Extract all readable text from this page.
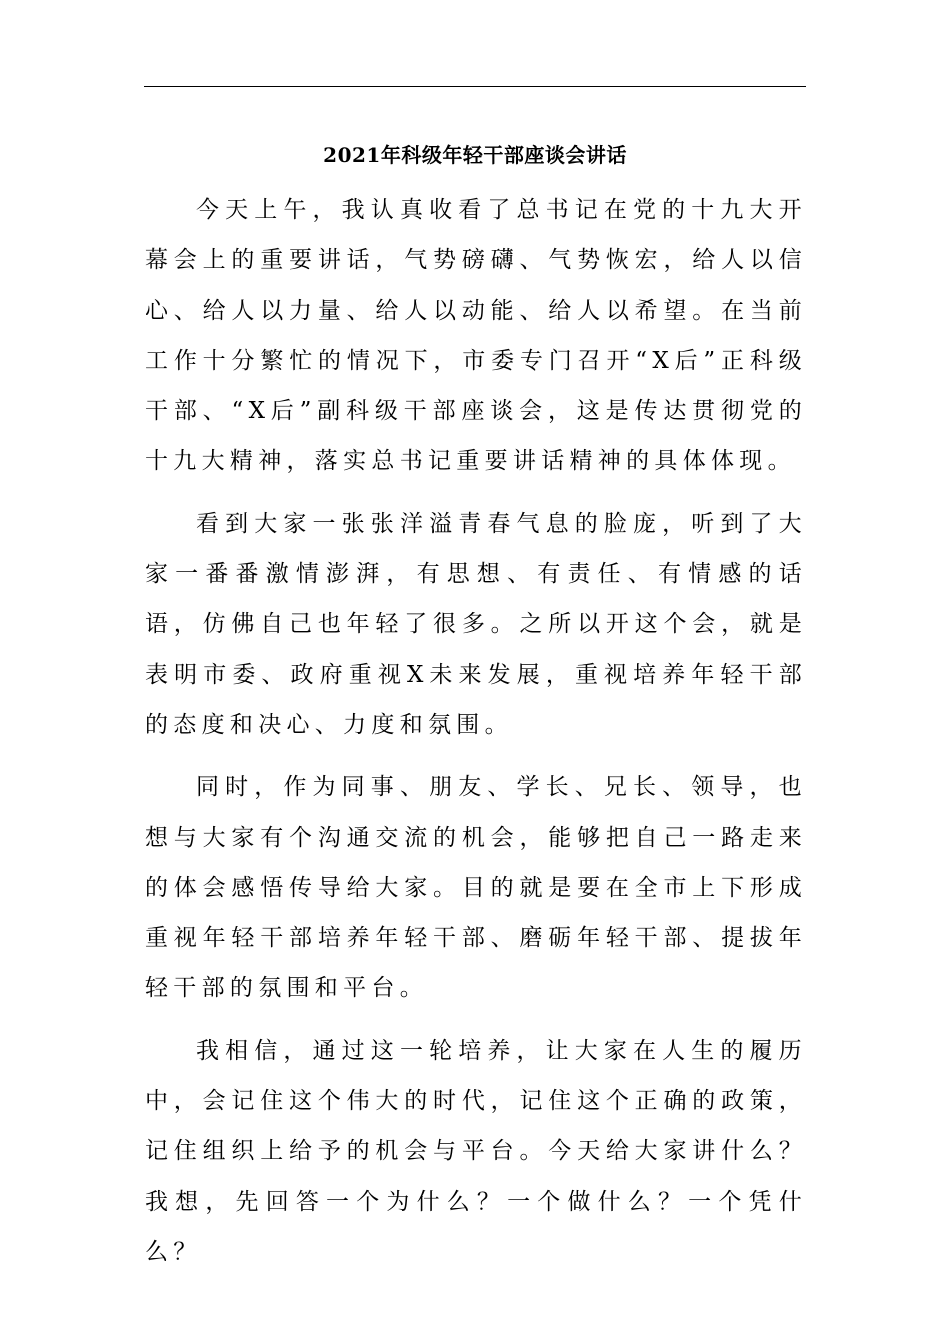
2021年科级年轻干部座谈会讲话

今天上午，我认真收看了总书记在党的十九大开幕会上的重要讲话，气势磅礴、气势恢宏，给人以信心、给人以力量、给人以动能、给人以希望。在当前工作十分繁忙的情况下，市委专门召开“X后”正科级干部、“X后”副科级干部座谈会，这是传达贯彻党的十九大精神，落实总书记重要讲话精神的具体体现。

看到大家一张张洋溢青春气息的脸庞，听到了大家一番番激情澎湃，有思想、有责任、有情感的话语，仿佛自己也年轻了很多。之所以开这个会，就是表明市委、政府重视X未来发展，重视培养年轻干部的态度和决心、力度和氛围。

同时，作为同事、朋友、学长、兄长、领导，也想与大家有个沟通交流的机会，能够把自己一路走来的体会感悟传导给大家。目的就是要在全市上下形成重视年轻干部培养年轻干部、磨砺年轻干部、提拔年轻干部的氛围和平台。

我相信，通过这一轮培养，让大家在人生的履历中，会记住这个伟大的时代，记住这个正确的政策，记住组织上给予的机会与平台。今天给大家讲什么？我想，先回答一个为什么？一个做什么？一个凭什么？
